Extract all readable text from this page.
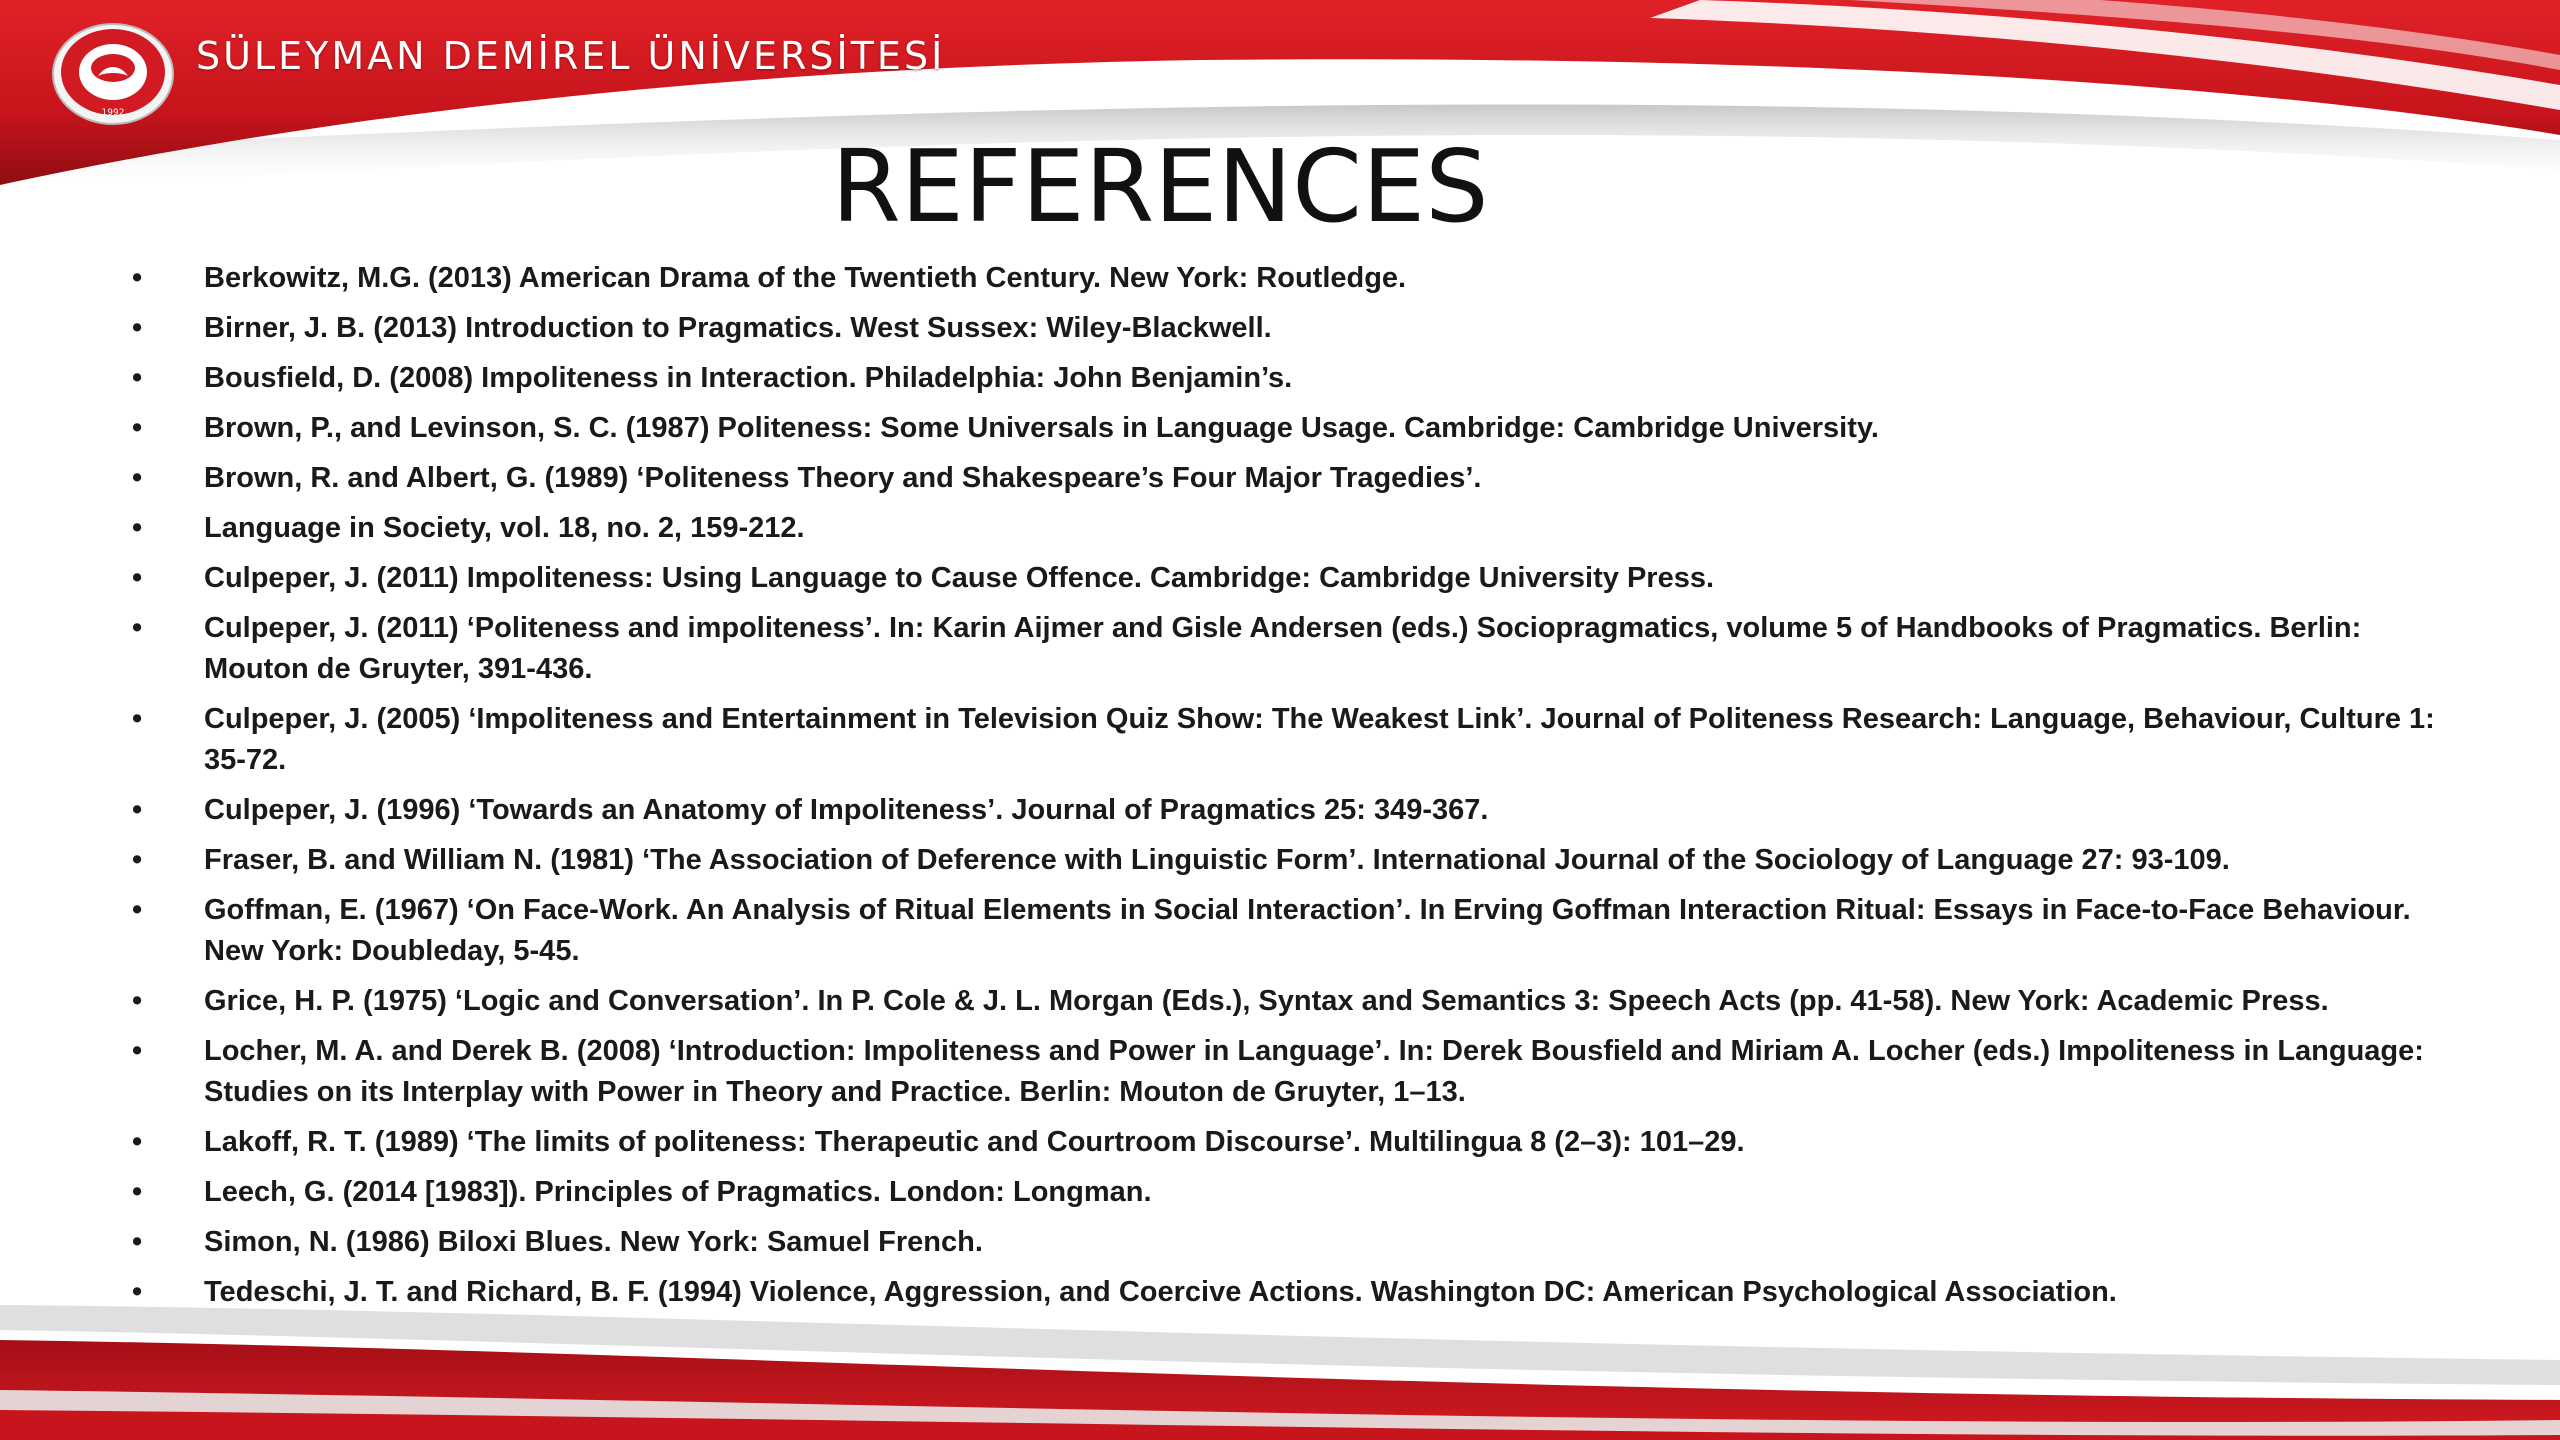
1992
SÜLEYMAN DEMİREL ÜNİVERSİTESİ
REFERENCES
•	Berkowitz, M.G. (2013) American Drama of the Twentieth Century. New York: Routledge.
•	Birner, J. B. (2013) Introduction to Pragmatics. West Sussex: Wiley-Blackwell.
•	Bousfield, D. (2008) Impoliteness in Interaction. Philadelphia: John Benjamin’s.
•	Brown, P., and Levinson, S. C. (1987) Politeness: Some Universals in Language Usage. Cambridge: Cambridge University.
•	Brown, R. and Albert, G. (1989) ‘Politeness Theory and Shakespeare’s Four Major Tragedies’.
•	Language in Society, vol. 18, no. 2, 159-212.
•	Culpeper, J. (2011) Impoliteness: Using Language to Cause Offence. Cambridge: Cambridge University Press.
•	Culpeper, J. (2011) ‘Politeness and impoliteness’. In: Karin Aijmer and Gisle Andersen (eds.) Sociopragmatics, volume 5 of Handbooks of Pragmatics. Berlin: Mouton de Gruyter, 391-436.
•	Culpeper, J. (2005) ‘Impoliteness and Entertainment in Television Quiz Show: The Weakest Link’. Journal of Politeness Research: Language, Behaviour, Culture 1: 35-72.
•	Culpeper, J. (1996) ‘Towards an Anatomy of Impoliteness’. Journal of Pragmatics 25: 349-367.
•	Fraser, B. and William N. (1981) ‘The Association of Deference with Linguistic Form’. International Journal of the Sociology of Language 27: 93-109.
•	Goffman, E. (1967) ‘On Face-Work. An Analysis of Ritual Elements in Social Interaction’. In Erving Goffman Interaction Ritual: Essays in Face-to-Face Behaviour. New York: Doubleday, 5-45.
•	Grice, H. P. (1975) ‘Logic and Conversation’. In P. Cole & J. L. Morgan (Eds.), Syntax and Semantics 3: Speech Acts (pp. 41-58). New York: Academic Press.
•	Locher, M. A. and Derek B. (2008) ‘Introduction: Impoliteness and Power in Language’. In: Derek Bousfield and Miriam A. Locher (eds.) Impoliteness in Language: Studies on its Interplay with Power in Theory and Practice. Berlin: Mouton de Gruyter, 1–13.
•	Lakoff, R. T. (1989) ‘The limits of politeness: Therapeutic and Courtroom Discourse’. Multilingua 8 (2–3): 101–29.
•	Leech, G. (2014 [1983]). Principles of Pragmatics. London: Longman.
•	Simon, N. (1986) Biloxi Blues. New York: Samuel French.
•	Tedeschi, J. T. and Richard, B. F. (1994) Violence, Aggression, and Coercive Actions. Washington DC: American Psychological Association.
